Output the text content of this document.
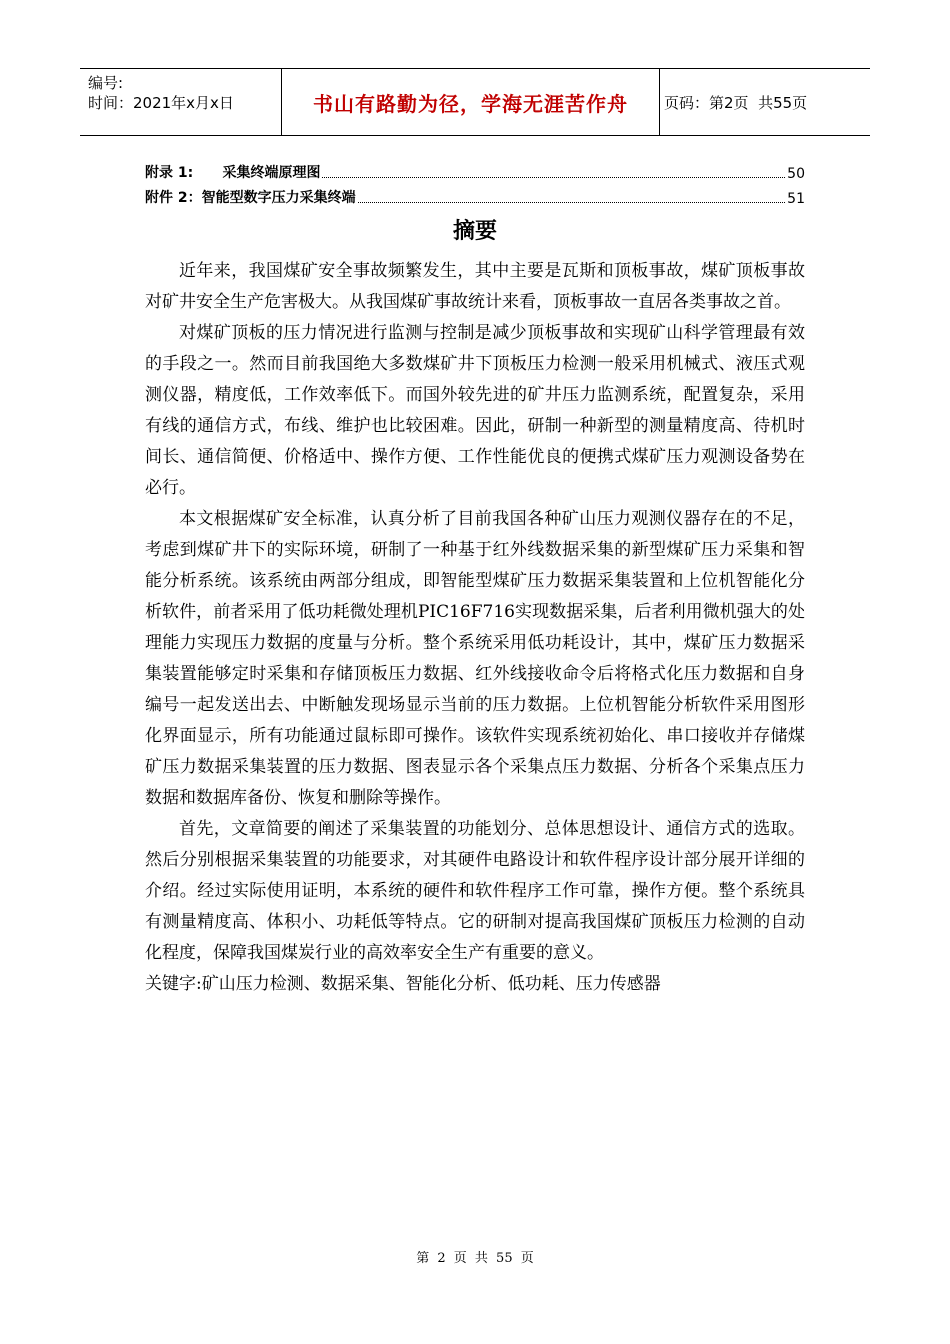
编号:
时间：2021年x月x日	书山有路勤为径，学海无涯苦作舟	页码：第2页  共55页
附录 1:      采集终端原理图	50
附件 2：智能型数字压力采集终端	51
摘要

近年来，我国煤矿安全事故频繁发生，其中主要是瓦斯和顶板事故，煤矿顶板事故对矿井安全生产危害极大。从我国煤矿事故统计来看，顶板事故一直居各类事故之首。

对煤矿顶板的压力情况进行监测与控制是减少顶板事故和实现矿山科学管理最有效的手段之一。然而目前我国绝大多数煤矿井下顶板压力检测一般采用机械式、液压式观测仪器，精度低，工作效率低下。而国外较先进的矿井压力监测系统，配置复杂，采用有线的通信方式，布线、维护也比较困难。因此，研制一种新型的测量精度高、待机时间长、通信简便、价格适中、操作方便、工作性能优良的便携式煤矿压力观测设备势在必行。

本文根据煤矿安全标准，认真分析了目前我国各种矿山压力观测仪器存在的不足，考虑到煤矿井下的实际环境，研制了一种基于红外线数据采集的新型煤矿压力采集和智能分析系统。该系统由两部分组成，即智能型煤矿压力数据采集装置和上位机智能化分析软件，前者采用了低功耗微处理机PIC16F716实现数据采集，后者利用微机强大的处理能力实现压力数据的度量与分析。整个系统采用低功耗设计，其中，煤矿压力数据采集装置能够定时采集和存储顶板压力数据、红外线接收命令后将格式化压力数据和自身编号一起发送出去、中断触发现场显示当前的压力数据。上位机智能分析软件采用图形化界面显示，所有功能通过鼠标即可操作。该软件实现系统初始化、串口接收并存储煤矿压力数据采集装置的压力数据、图表显示各个采集点压力数据、分析各个采集点压力数据和数据库备份、恢复和删除等操作。

首先，文章简要的阐述了采集装置的功能划分、总体思想设计、通信方式的选取。然后分别根据采集装置的功能要求，对其硬件电路设计和软件程序设计部分展开详细的介绍。经过实际使用证明，本系统的硬件和软件程序工作可靠，操作方便。整个系统具有测量精度高、体积小、功耗低等特点。它的研制对提高我国煤矿顶板压力检测的自动化程度，保障我国煤炭行业的高效率安全生产有重要的意义。

关键字:矿山压力检测、数据采集、智能化分析、低功耗、压力传感器

第 2 页 共 55 页
